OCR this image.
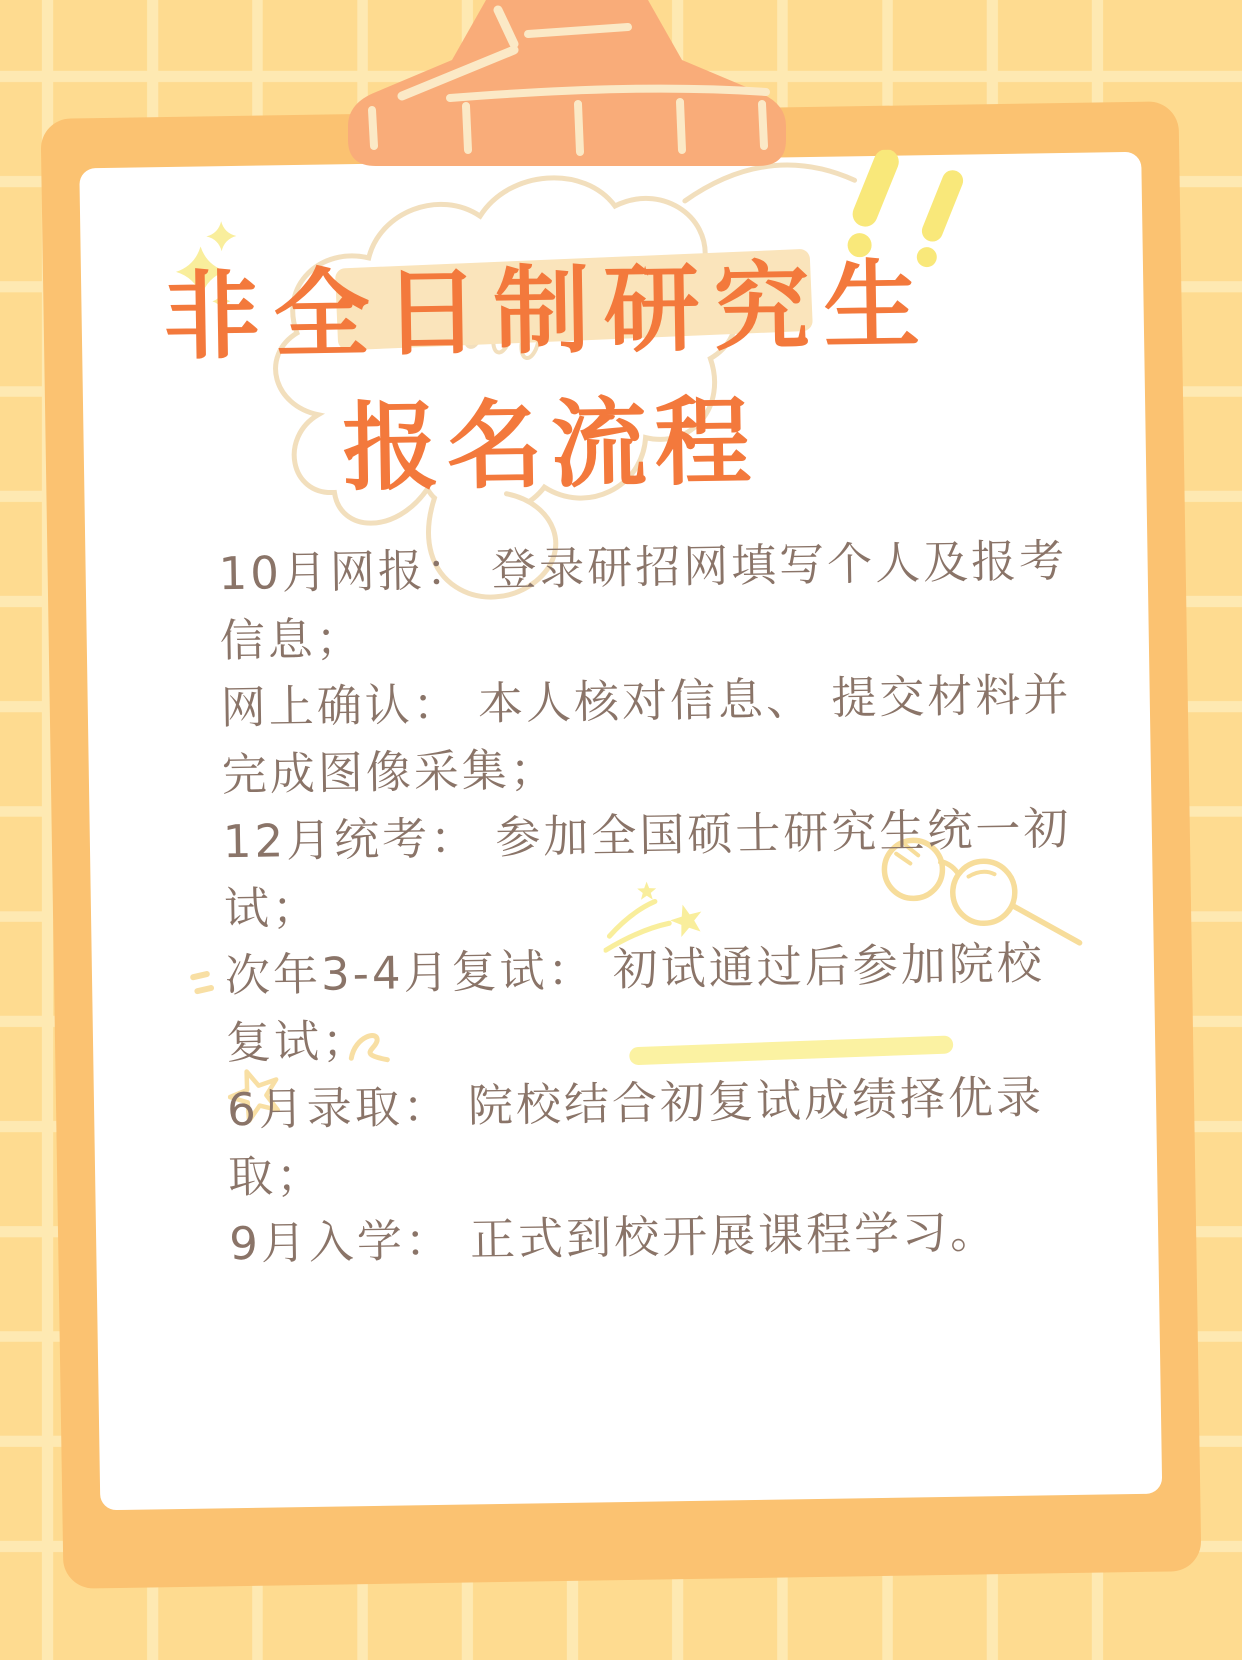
非全日制研究生
报名流程
10月网报： 登录研招网填写个人及报考
信息；
网上确认： 本人核对信息、 提交材料并
完成图像采集；
12月统考： 参加全国硕士研究生统一初
试；
次年3-4月复试： 初试通过后参加院校
复试；
6月录取： 院校结合初复试成绩择优录
取；
9月入学： 正式到校开展课程学习。
